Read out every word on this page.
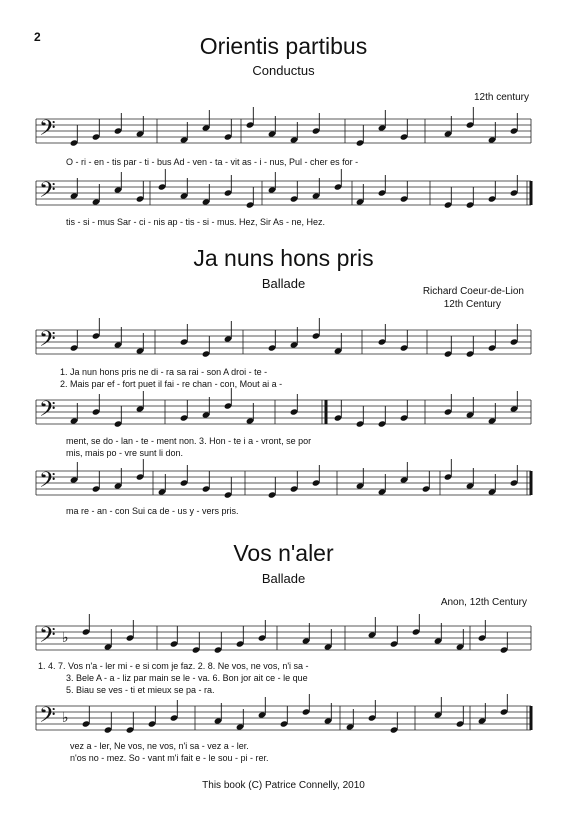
2	Orientis partibus
Conductus
12th century
Ja nuns hons pris
Ballade
Richard Coeur-de-Lion
12th Century
Vos n'aler
Ballade
Anon, 12th Century
𝄢
𝄢
𝄢
𝄢
𝄢
𝄢 ♭
𝄢 ♭
O - ri - en - tis par - ti - bus Ad - ven - ta - vit as - i - nus, Pul - cher es for -
tis - si - mus Sar - ci - nis ap - tis - si - mus. Hez, Sir As - ne, Hez.
1. Ja nun hons pris ne di - ra sa rai - son A droi - te -
2. Mais par ef - fort puet il fai - re chan - con, Mout ai a -
ment, se do - lan - te - ment non. 3. Hon - te i a - vront, se por
mis, mais po - vre sunt li don.
ma re - an - con Sui ca de - us y - vers pris.
1. 4. 7. Vos n'a - ler mi - e si com je faz. 2. 8. Ne vos, ne vos, n'i sa -
3. Bele A - a - liz par main se le - va. 6. Bon jor ait ce - le que
5. Biau se ves - ti et mieux se pa - ra.
vez a - ler, Ne vos, ne vos, n'i sa - vez a - ler.
n'os no - mez. So - vant m'i fait e - le sou - pi - rer.
This book (C) Patrice Connelly, 2010
